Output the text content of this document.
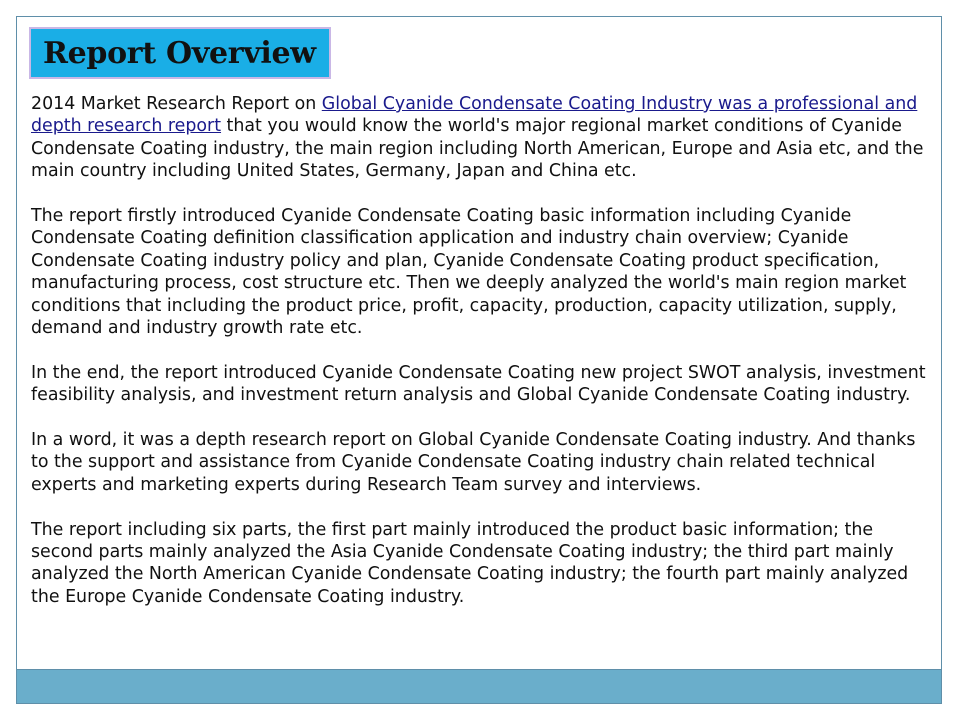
Report Overview

2014 Market Research Report on Global Cyanide Condensate Coating Industry was a professional and depth research report that you would know the world's major regional market conditions of Cyanide Condensate Coating industry, the main region including North American, Europe and Asia etc, and the main country including United States, Germany, Japan and China etc.

The report firstly introduced Cyanide Condensate Coating basic information including Cyanide Condensate Coating definition classification application and industry chain overview; Cyanide Condensate Coating industry policy and plan, Cyanide Condensate Coating product specification, manufacturing process, cost structure etc. Then we deeply analyzed the world's main region market conditions that including the product price, profit, capacity, production, capacity utilization, supply, demand and industry growth rate etc.

In the end, the report introduced Cyanide Condensate Coating new project SWOT analysis, investment feasibility analysis, and investment return analysis and Global Cyanide Condensate Coating industry.

In a word, it was a depth research report on Global Cyanide Condensate Coating industry. And thanks to the support and assistance from Cyanide Condensate Coating industry chain related technical experts and marketing experts during Research Team survey and interviews.

The report including six parts, the first part mainly introduced the product basic information; the second parts mainly analyzed the Asia Cyanide Condensate Coating industry; the third part mainly analyzed the North American Cyanide Condensate Coating industry; the fourth part mainly analyzed the Europe Cyanide Condensate Coating industry.
